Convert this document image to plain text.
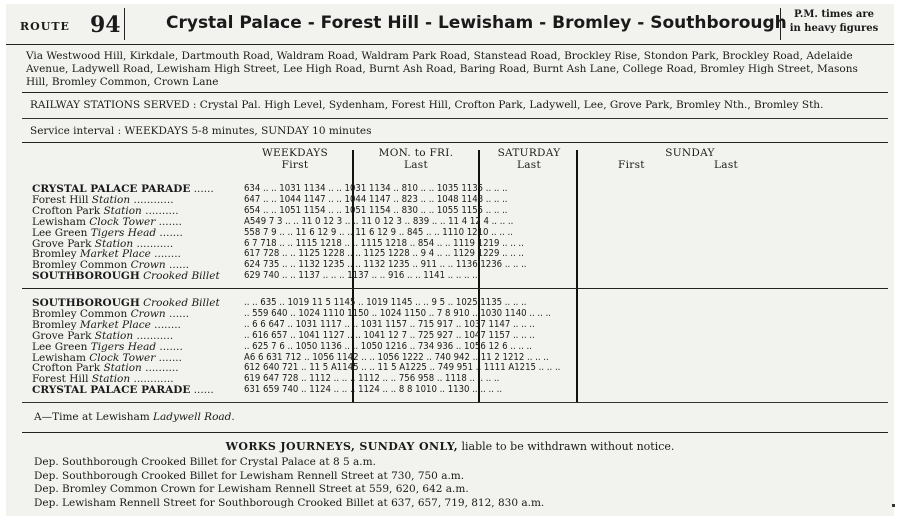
ROUTE 94	Crystal Palace - Forest Hill - Lewisham - Bromley - Southborough P.M. times are
in heavy figures
Via Westwood Hill, Kirkdale, Dartmouth Road, Waldram Road, Waldram Park Road, Stanstead Road, Brockley Rise, Stondon Park, Brockley Road, Adelaide Avenue, Ladywell Road, Lewisham High Street, Lee High Road, Burnt Ash Road, Baring Road, Burnt Ash Lane, College Road, Bromley High Street, Masons Hill, Bromley Common, Crown Lane
RAILWAY STATIONS SERVED : Crystal Pal. High Level, Sydenham, Forest Hill, Crofton Park, Ladywell, Lee, Grove Park, Bromley Nth., Bromley Sth.
Service interval : WEEKDAYS 5-8 minutes, SUNDAY 10 minutes
WEEKDAYS
First
MON. to FRI.
Last
SATURDAY
Last
SUNDAY
First	Last
CRYSTAL PALACE PARADE ......
Forest Hill Station ............
Crofton Park Station ..........
Lewisham Clock Tower .......
Lee Green Tigers Head .......
Grove Park Station ...........
Bromley Market Place ........
Bromley Common Crown ......
SOUTHBOROUGH Crooked Billet
634 .. .. 1031 1134 .. .. 1031 1134 .. 810 .. .. 1035 1135 .. .. ..
647 .. .. 1044 1147 .. .. 1044 1147 .. 823 .. .. 1048 1148 .. .. ..
654 .. .. 1051 1154 .. .. 1051 1154 .. 830 .. .. 1055 1155 .. .. ..
A549 7 3 .. .. 11 0 12 3 .. .. 11 0 12 3 .. 839 .. .. 11 4 12 4 .. .. ..
558 7 9 .. .. 11 6 12 9 .. .. 11 6 12 9 .. 845 .. .. 1110 1210 .. .. ..
6 7 718 .. .. 1115 1218 .. .. 1115 1218 .. 854 .. .. 1119 1219 .. .. ..
617 728 .. .. 1125 1228 .. .. 1125 1228 .. 9 4 .. .. 1129 1229 .. .. ..
624 735 .. .. 1132 1235 .. .. 1132 1235 .. 911 .. .. 1136 1236 .. .. ..
629 740 .. .. 1137 .. .. .. 1137 .. .. 916 .. .. 1141 .. .. .. ..
SOUTHBOROUGH Crooked Billet
Bromley Common Crown ......
Bromley Market Place ........
Grove Park Station ...........
Lee Green Tigers Head .......
Lewisham Clock Tower .......
Crofton Park Station ..........
Forest Hill Station ............
CRYSTAL PALACE PARADE ......
.. .. 635 .. 1019 11 5 1145 .. 1019 1145 .. .. 9 5 .. 1025 1135 .. .. ..
.. 559 640 .. 1024 1110 1150 .. 1024 1150 .. 7 8 910 .. 1030 1140 .. .. ..
.. 6 6 647 .. 1031 1117 .. .. 1031 1157 .. 715 917 .. 1037 1147 .. .. ..
.. 616 657 .. 1041 1127 .. .. 1041 12 7 .. 725 927 .. 1047 1157 .. .. ..
.. 625 7 6 .. 1050 1136 .. .. 1050 1216 .. 734 936 .. 1056 12 6 .. .. ..
A6 6 631 712 .. 1056 1142 .. .. 1056 1222 .. 740 942 .. 11 2 1212 .. .. ..
612 640 721 .. 11 5 A1145 .. .. 11 5 A1225 .. 749 951 .. 1111 A1215 .. .. ..
619 647 728 .. 1112 .. .. .. 1112 .. .. 756 958 .. 1118 .. .. .. ..
631 659 740 .. 1124 .. .. .. 1124 .. .. 8 8 1010 .. 1130 .. .. .. ..
A—Time at Lewisham Ladywell Road.
WORKS JOURNEYS, SUNDAY ONLY, liable to be withdrawn without notice.
Dep. Southborough Crooked Billet for Crystal Palace at 8 5 a.m.
Dep. Southborough Crooked Billet for Lewisham Rennell Street at 730, 750 a.m.
Dep. Bromley Common Crown for Lewisham Rennell Street at 559, 620, 642 a.m.
Dep. Lewisham Rennell Street for Southborough Crooked Billet at 637, 657, 719, 812, 830 a.m.
